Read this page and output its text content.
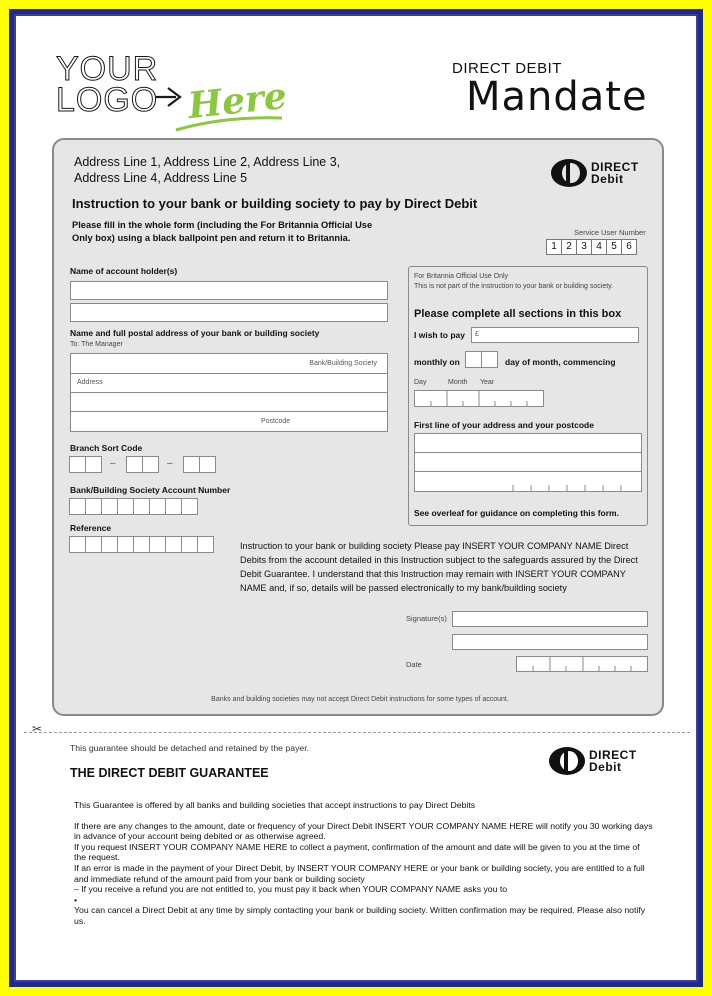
YOUR
LOGO Here
DIRECT DEBIT
Mandate
Address Line 1, Address Line 2, Address Line 3,
Address Line 4, Address Line 5
DIRECT
Debit
Instruction to your bank or building society to pay by Direct Debit
Please fill in the whole form (including the For Britannia Official Use Only box) using a black ballpoint pen and return it to Britannia.
Service User Number
1 2 3 4 5 6
Name of account holder(s)
Name and full postal address of your bank or building society
To: The Manager
Bank/Building Society
Address
Postcode
Branch Sort Code
–	–
Bank/Building Society Account Number
Reference
For Britannia Official Use Only
This is not part of the instruction to your bank or building society.
Please complete all sections in this box
I wish to pay £
monthly on	day of month, commencing
Day	Month Year
First line of your address and your postcode
See overleaf for guidance on completing this form.
Instruction to your bank or building society Please pay INSERT YOUR COMPANY NAME Direct Debits from the account detailed in this Instruction subject to the safeguards assured by the Direct Debit Guarantee. I understand that this Instruction may remain with INSERT YOUR COMPANY NAME and, if so, details will be passed electronically to my bank/building society
Signature(s)
Date
Banks and building societies may not accept Direct Debit instructions for some types of account.
✂
This guarantee should be detached and retained by the payer.
THE DIRECT DEBIT GUARANTEE
DIRECT
Debit

This Guarantee is offered by all banks and building societies that accept instructions to pay Direct Debits

If there are any changes to the amount, date or frequency of your Direct Debit INSERT YOUR COMPANY NAME HERE will notify you 30 working days in advance of your account being debited or as otherwise agreed.

If you request INSERT YOUR COMPANY NAME HERE to collect a payment, confirmation of the amount and date will be given to you at the time of the request.

If an error is made in the payment of your Direct Debit, by INSERT YOUR COMPANY HERE or your bank or building society, you are entitled to a full and immediate refund of the amount paid from your bank or building society

– If you receive a refund you are not entitled to, you must pay it back when YOUR COMPANY NAME asks you to

•

You can cancel a Direct Debit at any time by simply contacting your bank or building society. Written confirmation may be required. Please also notify us.
